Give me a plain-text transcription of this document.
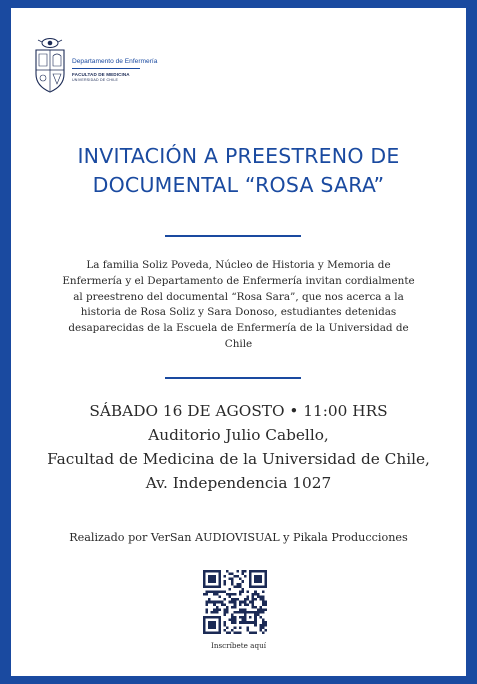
Departamento de Enfermería
FACULTAD DE MEDICINA
UNIVERSIDAD DE CHILE
INVITACIÓN A PREESTRENO DE
DOCUMENTAL “ROSA SARA”
La familia Soliz Poveda, Núcleo de Historia y Memoria de
Enfermería y el Departamento de Enfermería invitan cordialmente
al preestreno del documental “Rosa Sara”, que nos acerca a la
historia de Rosa Soliz y Sara Donoso, estudiantes detenidas
desaparecidas de la Escuela de Enfermería de la Universidad de
Chile
SÁBADO 16 DE AGOSTO • 11:00 HRS
Auditorio Julio Cabello,
Facultad de Medicina de la Universidad de Chile,
Av. Independencia 1027
Realizado por VerSan AUDIOVISUAL y Pikala Producciones
Inscríbete aquí
